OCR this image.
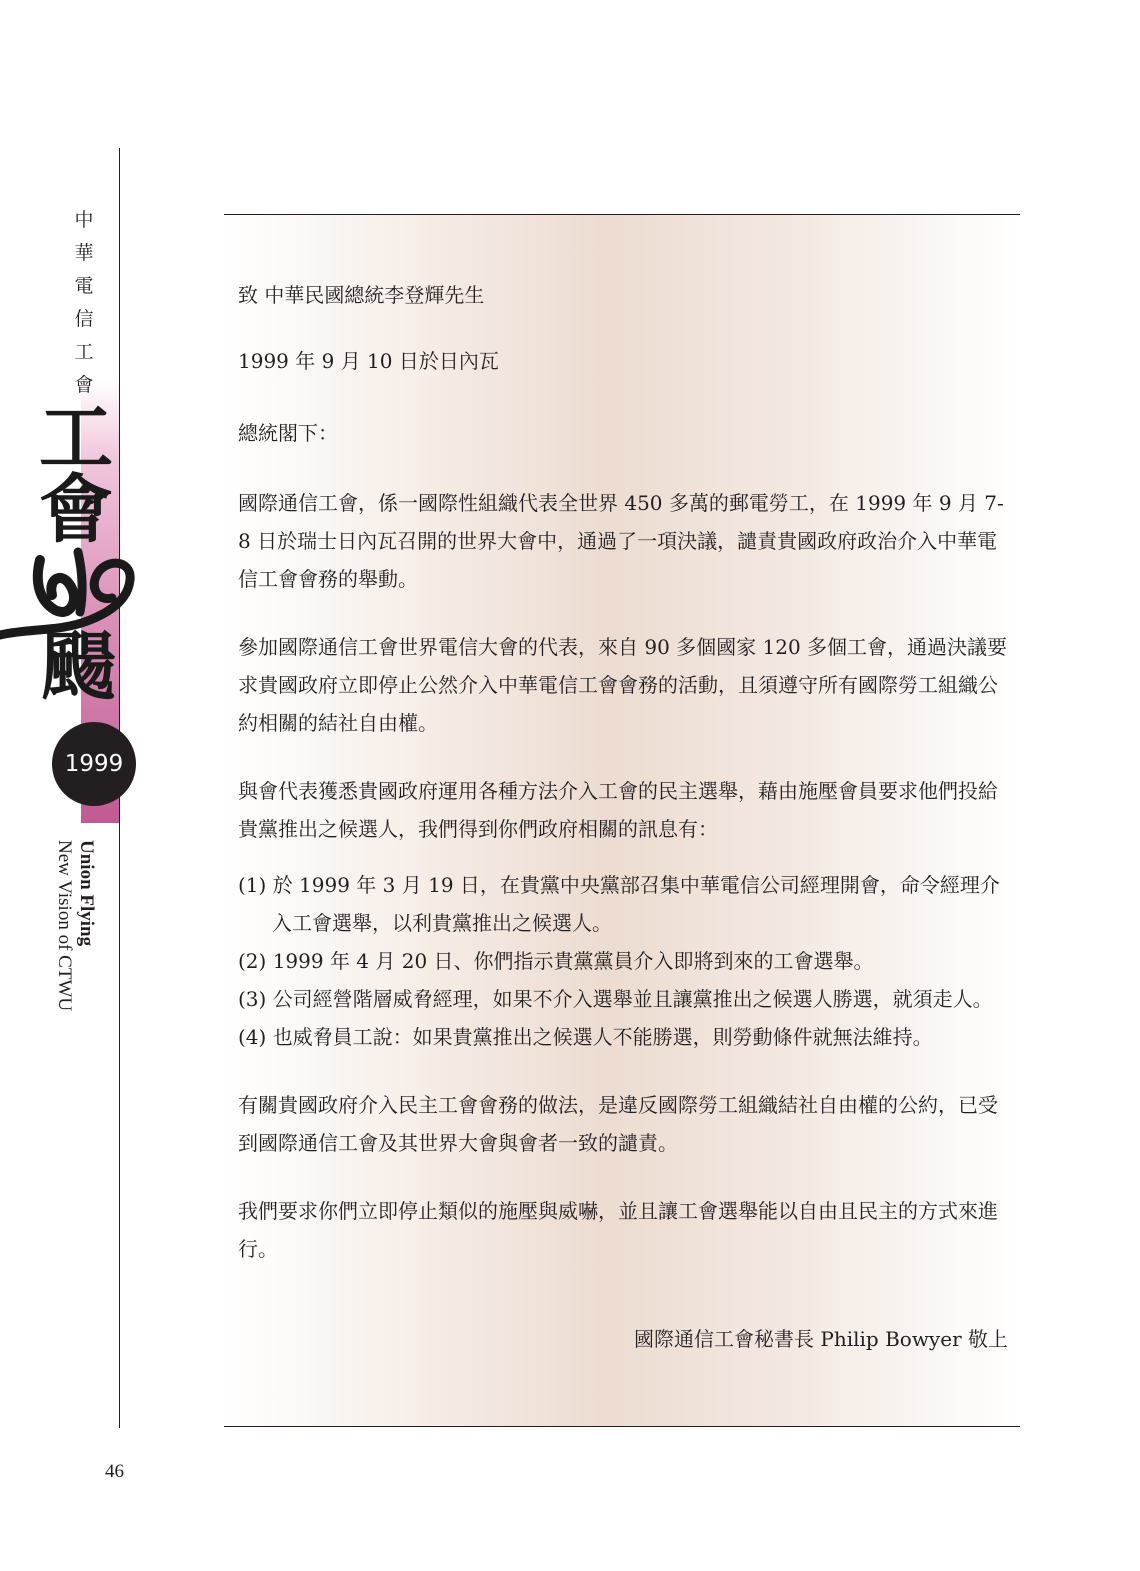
中華電信工會
工會
颺
1999
Union Flying
New Vision of CTWU
46

致 中華民國總統李登輝先生

1999 年 9 月 10 日於日內瓦

總統閣下：

國際通信工會，係一國際性組織代表全世界 450 多萬的郵電勞工，在 1999 年 9 月 7-8 日於瑞士日內瓦召開的世界大會中，通過了一項決議，譴責貴國政府政治介入中華電信工會會務的舉動。

參加國際通信工會世界電信大會的代表，來自 90 多個國家 120 多個工會，通過決議要求貴國政府立即停止公然介入中華電信工會會務的活動，且須遵守所有國際勞工組織公約相關的結社自由權。

與會代表獲悉貴國政府運用各種方法介入工會的民主選舉，藉由施壓會員要求他們投給貴黨推出之候選人，我們得到你們政府相關的訊息有：

(1) 於 1999 年 3 月 19 日，在貴黨中央黨部召集中華電信公司經理開會，命令經理介入工會選舉，以利貴黨推出之候選人。

(2) 1999 年 4 月 20 日、你們指示貴黨黨員介入即將到來的工會選舉。

(3) 公司經營階層威脅經理，如果不介入選舉並且讓黨推出之候選人勝選，就須走人。

(4) 也威脅員工說：如果貴黨推出之候選人不能勝選，則勞動條件就無法維持。

有關貴國政府介入民主工會會務的做法，是違反國際勞工組織結社自由權的公約，已受到國際通信工會及其世界大會與會者一致的譴責。

我們要求你們立即停止類似的施壓與威嚇，並且讓工會選舉能以自由且民主的方式來進行。

國際通信工會秘書長 Philip Bowyer 敬上
